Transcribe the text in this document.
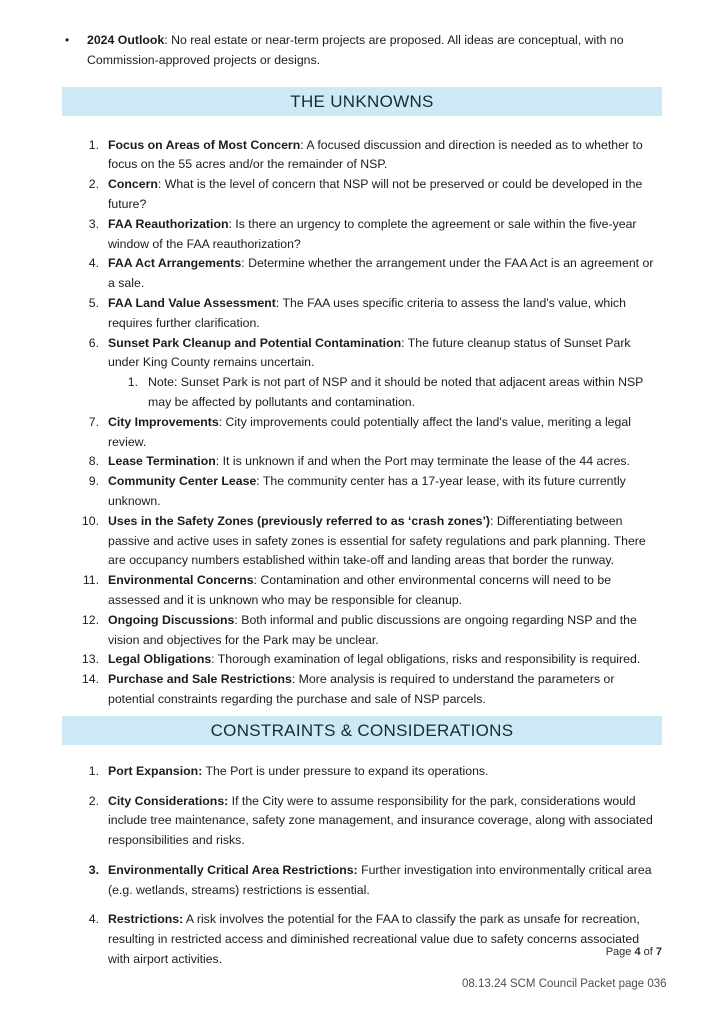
•	2024 Outlook: No real estate or near-term projects are proposed. All ideas are conceptual, with no Commission-approved projects or designs.
THE UNKNOWNS
1. Focus on Areas of Most Concern: A focused discussion and direction is needed as to whether to focus on the 55 acres and/or the remainder of NSP.
2. Concern: What is the level of concern that NSP will not be preserved or could be developed in the future?
3. FAA Reauthorization: Is there an urgency to complete the agreement or sale within the five-year window of the FAA reauthorization?
4. FAA Act Arrangements: Determine whether the arrangement under the FAA Act is an agreement or a sale.
5. FAA Land Value Assessment: The FAA uses specific criteria to assess the land's value, which requires further clarification.
6. Sunset Park Cleanup and Potential Contamination: The future cleanup status of Sunset Park under King County remains uncertain.
1. Note: Sunset Park is not part of NSP and it should be noted that adjacent areas within NSP may be affected by pollutants and contamination.
7. City Improvements: City improvements could potentially affect the land's value, meriting a legal review.
8. Lease Termination: It is unknown if and when the Port may terminate the lease of the 44 acres.
9. Community Center Lease: The community center has a 17-year lease, with its future currently unknown.
10. Uses in the Safety Zones (previously referred to as ‘crash zones’): Differentiating between passive and active uses in safety zones is essential for safety regulations and park planning. There are occupancy numbers established within take-off and landing areas that border the runway.
11. Environmental Concerns: Contamination and other environmental concerns will need to be assessed and it is unknown who may be responsible for cleanup.
12. Ongoing Discussions: Both informal and public discussions are ongoing regarding NSP and the vision and objectives for the Park may be unclear.
13. Legal Obligations: Thorough examination of legal obligations, risks and responsibility is required.
14. Purchase and Sale Restrictions: More analysis is required to understand the parameters or potential constraints regarding the purchase and sale of NSP parcels.
CONSTRAINTS & CONSIDERATIONS
1. Port Expansion: The Port is under pressure to expand its operations.
2. City Considerations: If the City were to assume responsibility for the park, considerations would include tree maintenance, safety zone management, and insurance coverage, along with associated responsibilities and risks.
3. Environmentally Critical Area Restrictions: Further investigation into environmentally critical area (e.g. wetlands, streams) restrictions is essential.
4. Restrictions: A risk involves the potential for the FAA to classify the park as unsafe for recreation, resulting in restricted access and diminished recreational value due to safety concerns associated with airport activities.
Page 4 of 7
08.13.24 SCM Council Packet page 036
